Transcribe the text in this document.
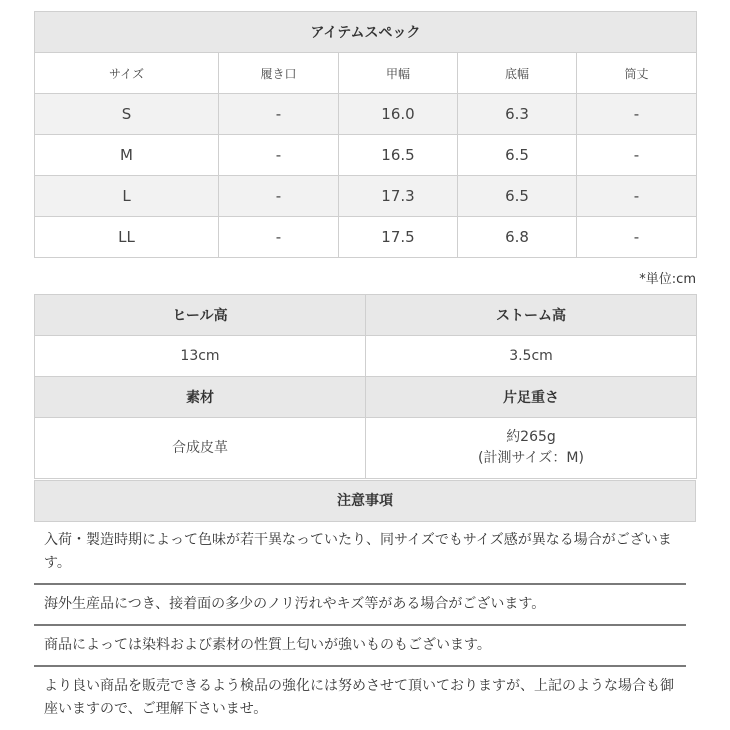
アイテムスペック				
サイズ	履き口	甲幅	底幅	筒丈
S	-	16.0	6.3	-
M	-	16.5	6.5	-
L	-	17.3	6.5	-
LL	-	17.5	6.8	-
*単位:cm
ヒール高	ストーム高
13cm	3.5cm
素材	片足重さ
合成皮革	約265g
(計測サイズ：M)
注意事項
入荷・製造時期によって色味が若干異なっていたり、同サイズでもサイズ感が異なる場合がございます。
海外生産品につき、接着面の多少のノリ汚れやキズ等がある場合がございます。
商品によっては染料および素材の性質上匂いが強いものもございます。
より良い商品を販売できるよう検品の強化には努めさせて頂いておりますが、上記のような場合も御座いますので、ご理解下さいませ。
